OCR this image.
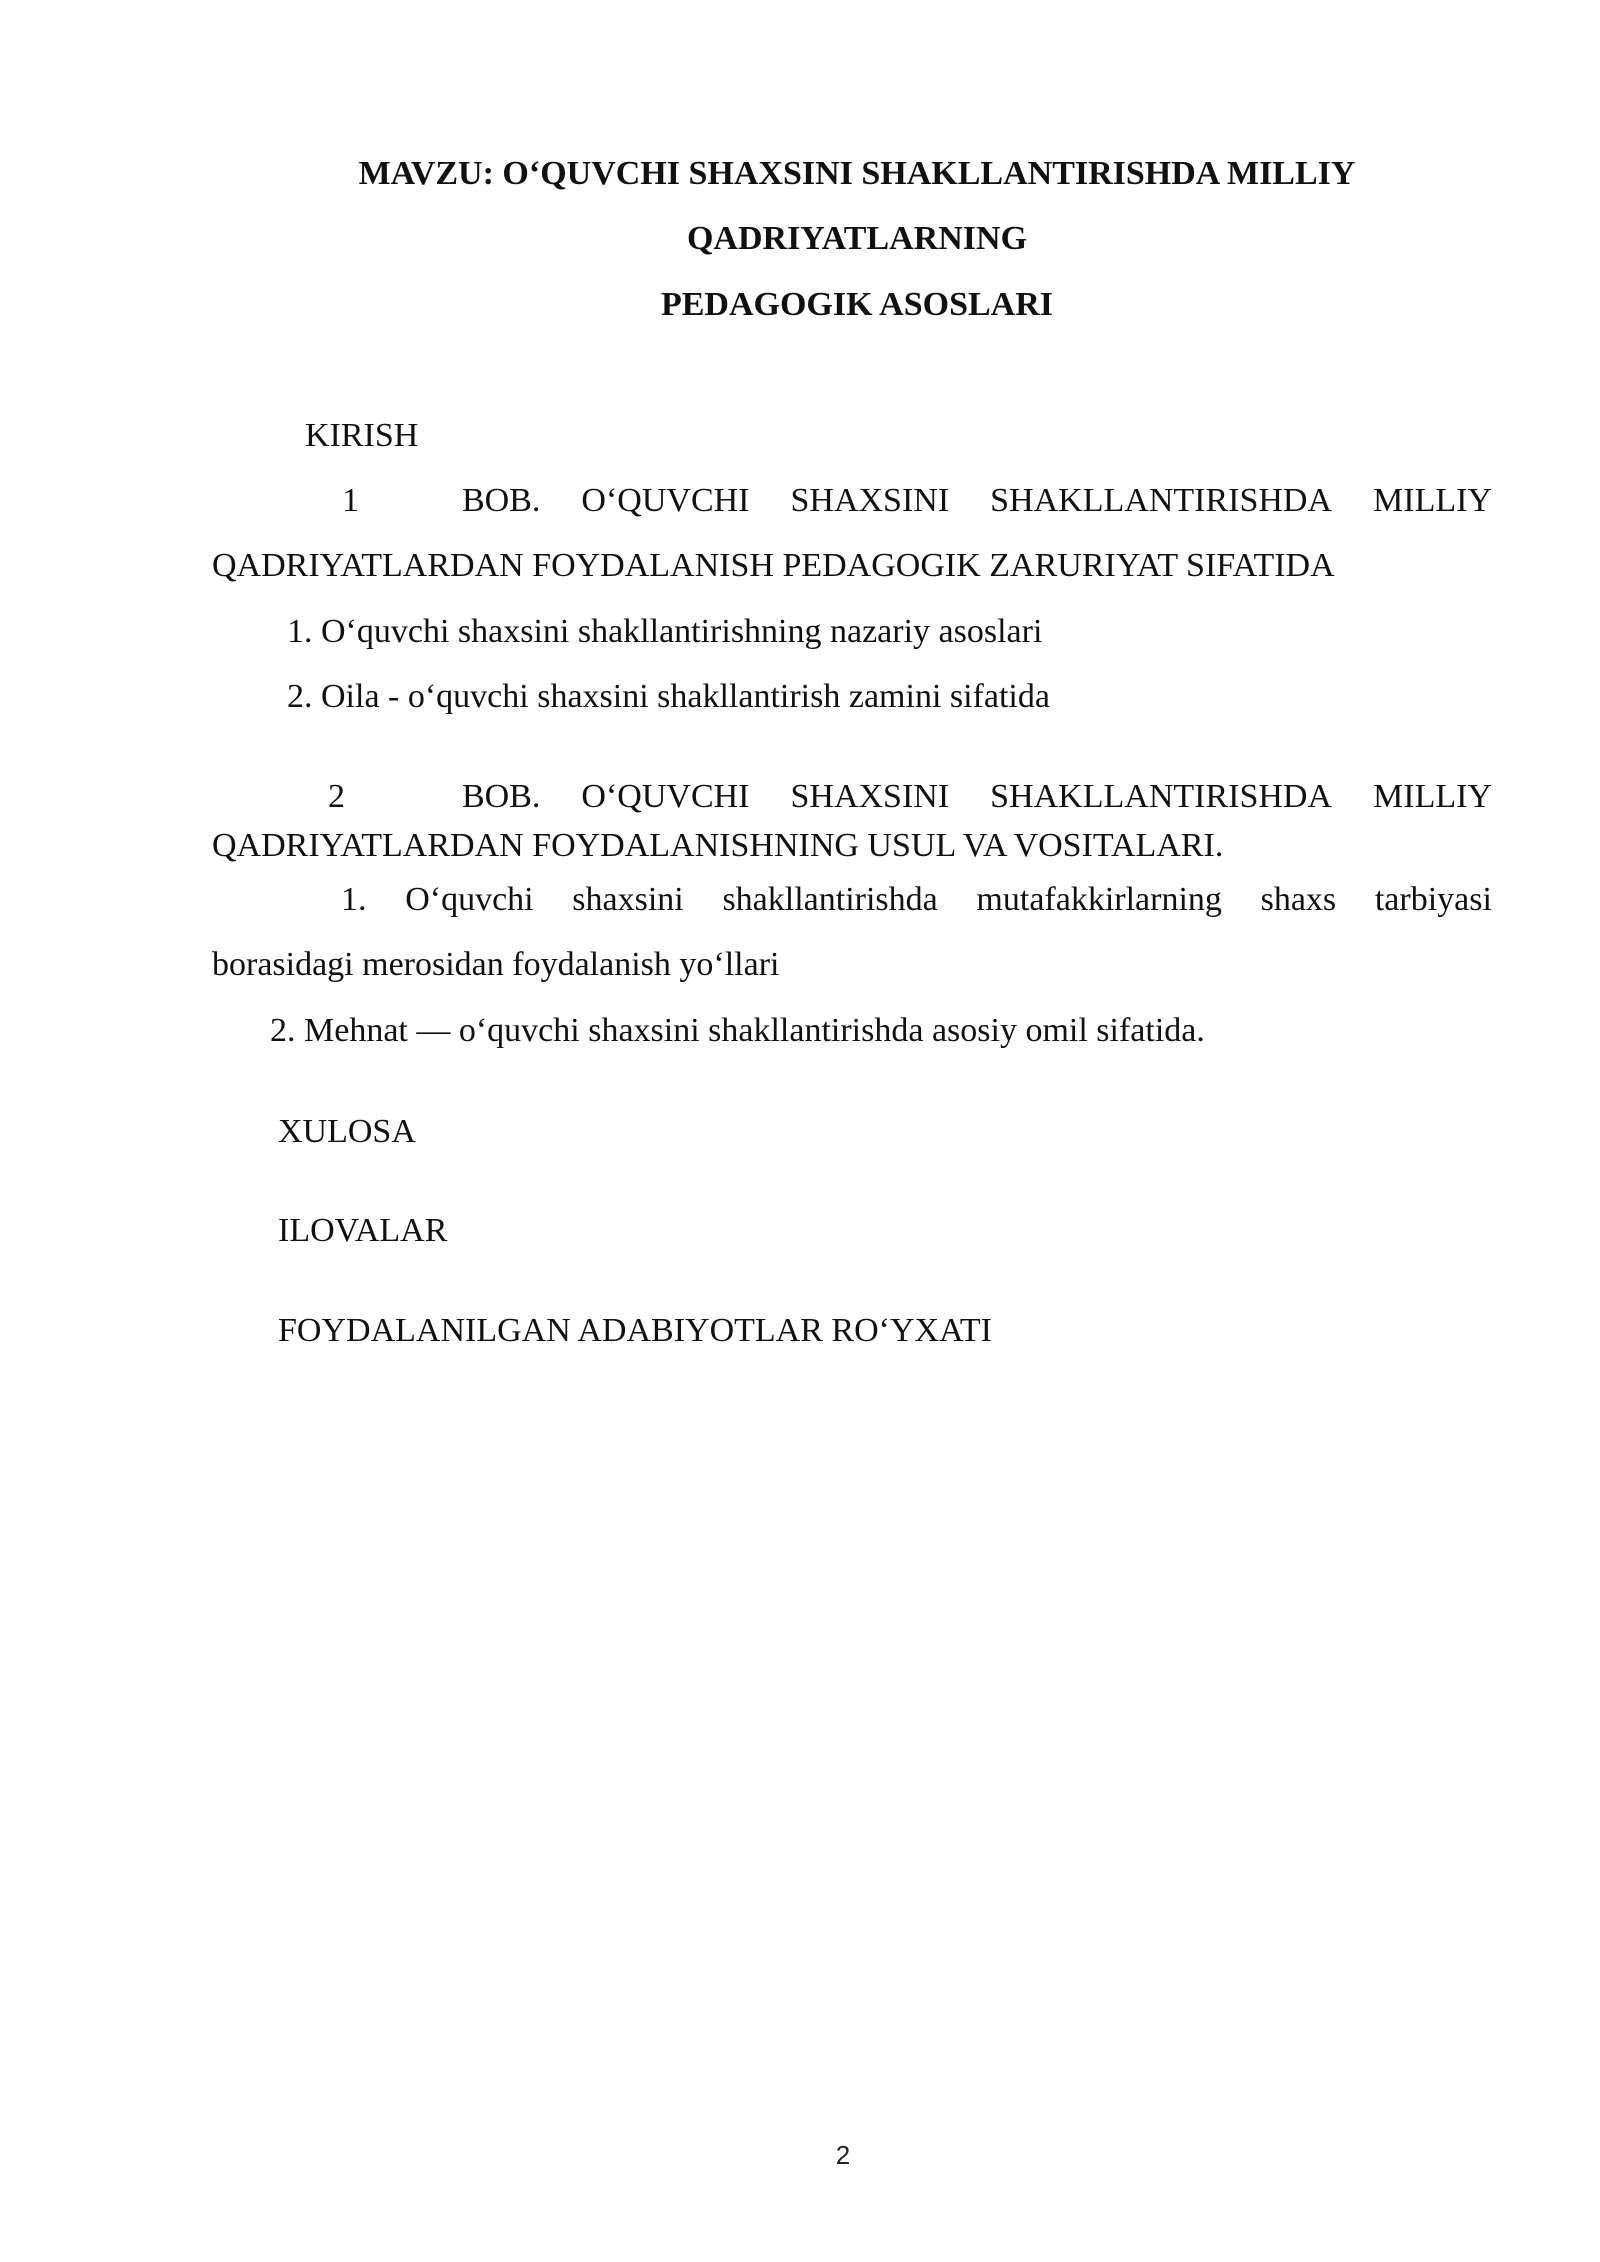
MAVZU: O‘QUVCHI SHAXSINI SHAKLLANTIRISHDA MILLIY
QADRIYATLARNING
PEDAGOGIK ASOSLARI
KIRISH
1	BOB. O‘QUVCHI SHAXSINI SHAKLLANTIRISHDA MILLIY
QADRIYATLARDAN FOYDALANISH PEDAGOGIK ZARURIYAT SIFATIDA
1. O‘quvchi shaxsini shakllantirishning nazariy asoslari
2. Oila - o‘quvchi shaxsini shakllantirish zamini sifatida
2	BOB. O‘QUVCHI SHAXSINI SHAKLLANTIRISHDA MILLIY
QADRIYATLARDAN FOYDALANISHNING USUL VA VOSITALARI.
1. O‘quvchi shaxsini shakllantirishda mutafakkirlarning shaxs tarbiyasi
borasidagi merosidan foydalanish yo‘llari
2. Mehnat — o‘quvchi shaxsini shakllantirishda asosiy omil sifatida.
XULOSA
ILOVALAR
FOYDALANILGAN ADABIYOTLAR RO‘YXATI
2
